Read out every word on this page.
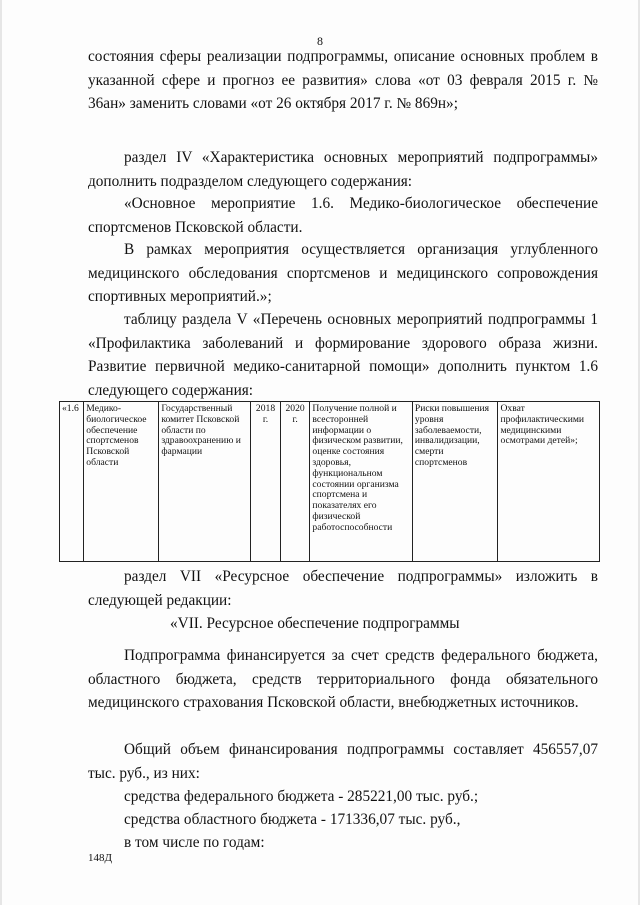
8

состояния сферы реализации подпрограммы, описание основных проблем в указанной сфере и прогноз ее развития» слова «от 03 февраля 2015 г. № 36ан» заменить словами «от 26 октября 2017 г. № 869н»;

раздел IV «Характеристика основных мероприятий подпрограммы» дополнить подразделом следующего содержания:

«Основное мероприятие 1.6. Медико-биологическое обеспечение спортсменов Псковской области.

В рамках мероприятия осуществляется организация углубленного медицинского обследования спортсменов и медицинского сопровождения спортивных мероприятий.»;

таблицу раздела V «Перечень основных мероприятий подпрограммы 1 «Профилактика заболеваний и формирование здорового образа жизни. Развитие первичной медико-санитарной помощи» дополнить пунктом 1.6 следующего содержания:

«1.6	Медико-биологическое обеспечение спортсменов Псковской области	Государственный комитет Псковской области по здравоохранению и фармации	2018 г.	2020 г.	Получение полной и всесторонней информации о физическом развитии, оценке состояния здоровья, функциональном состоянии организма спортсмена и показателях его физической работоспособности	Риски повышения уровня заболеваемости, инвалидизации, смерти спортсменов	Охват профилактическими медицинскими осмотрами детей»;

раздел VII «Ресурсное обеспечение подпрограммы» изложить в следующей редакции:

«VII. Ресурсное обеспечение подпрограммы

Подпрограмма финансируется за счет средств федерального бюджета, областного бюджета, средств территориального фонда обязательного медицинского страхования Псковской области, внебюджетных источников.

Общий объем финансирования подпрограммы составляет 456557,07 тыс. руб., из них:

средства федерального бюджета - 285221,00 тыс. руб.;

средства областного бюджета - 171336,07 тыс. руб.,

в том числе по годам:

148Д
